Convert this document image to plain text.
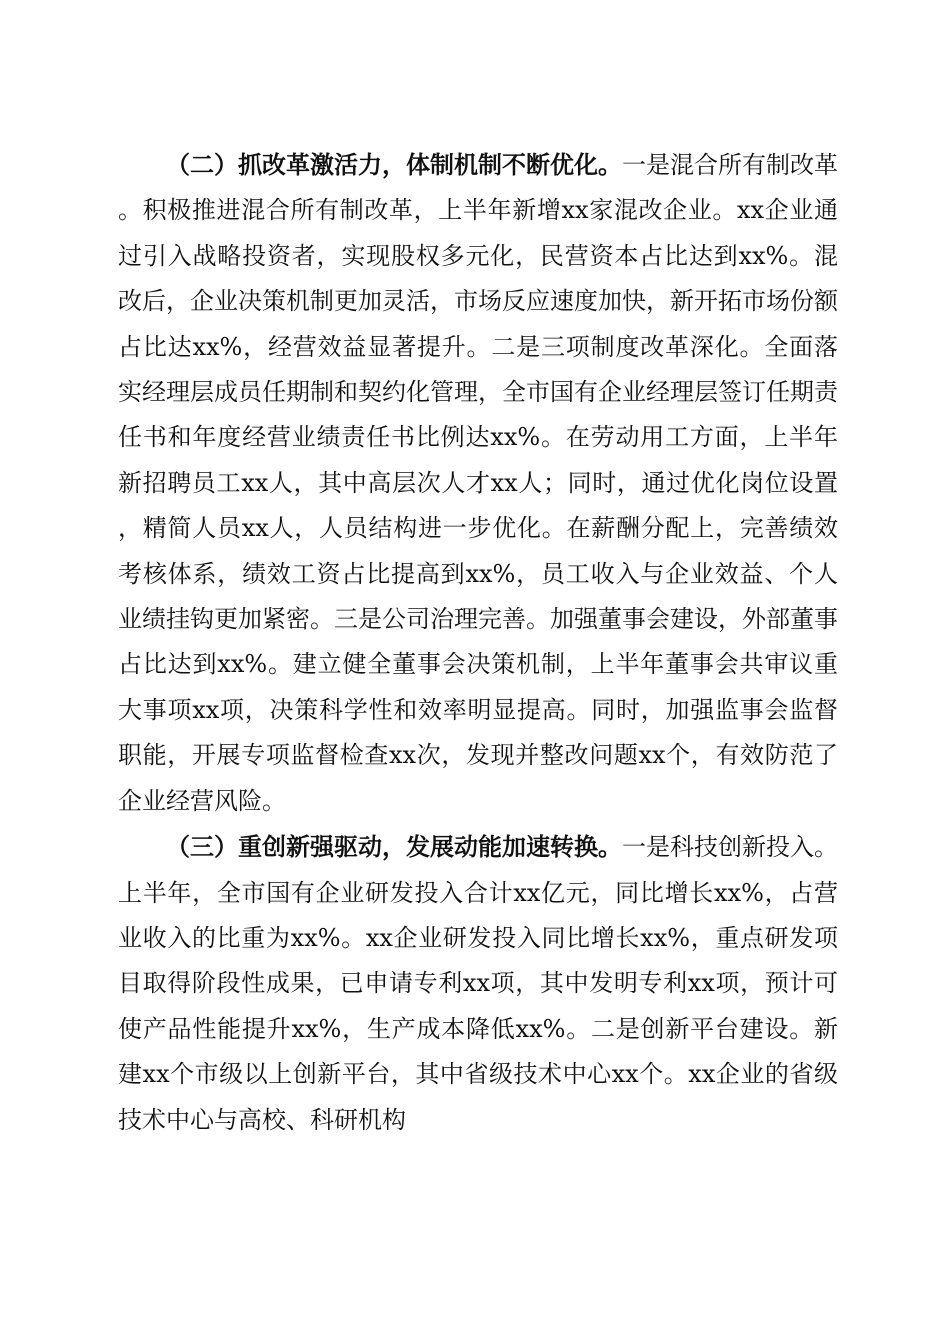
（二）抓改革激活力，体制机制不断优化。一是混合所有制改革。积极推进混合所有制改革，上半年新增xx家混改企业。xx企业通过引入战略投资者，实现股权多元化，民营资本占比达到xx%。混改后，企业决策机制更加灵活，市场反应速度加快，新开拓市场份额占比达xx%，经营效益显著提升。二是三项制度改革深化。全面落实经理层成员任期制和契约化管理，全市国有企业经理层签订任期责任书和年度经营业绩责任书比例达xx%。在劳动用工方面，上半年新招聘员工xx人，其中高层次人才xx人；同时，通过优化岗位设置，精简人员xx人，人员结构进一步优化。在薪酬分配上，完善绩效考核体系，绩效工资占比提高到xx%，员工收入与企业效益、个人业绩挂钩更加紧密。三是公司治理完善。加强董事会建设，外部董事占比达到xx%。建立健全董事会决策机制，上半年董事会共审议重大事项xx项，决策科学性和效率明显提高。同时，加强监事会监督职能，开展专项监督检查xx次，发现并整改问题xx个，有效防范了企业经营风险。

（三）重创新强驱动，发展动能加速转换。一是科技创新投入。上半年，全市国有企业研发投入合计xx亿元，同比增长xx%，占营业收入的比重为xx%。xx企业研发投入同比增长xx%，重点研发项目取得阶段性成果，已申请专利xx项，其中发明专利xx项，预计可使产品性能提升xx%，生产成本降低xx%。二是创新平台建设。新建xx个市级以上创新平台，其中省级技术中心xx个。xx企业的省级技术中心与高校、科研机构
